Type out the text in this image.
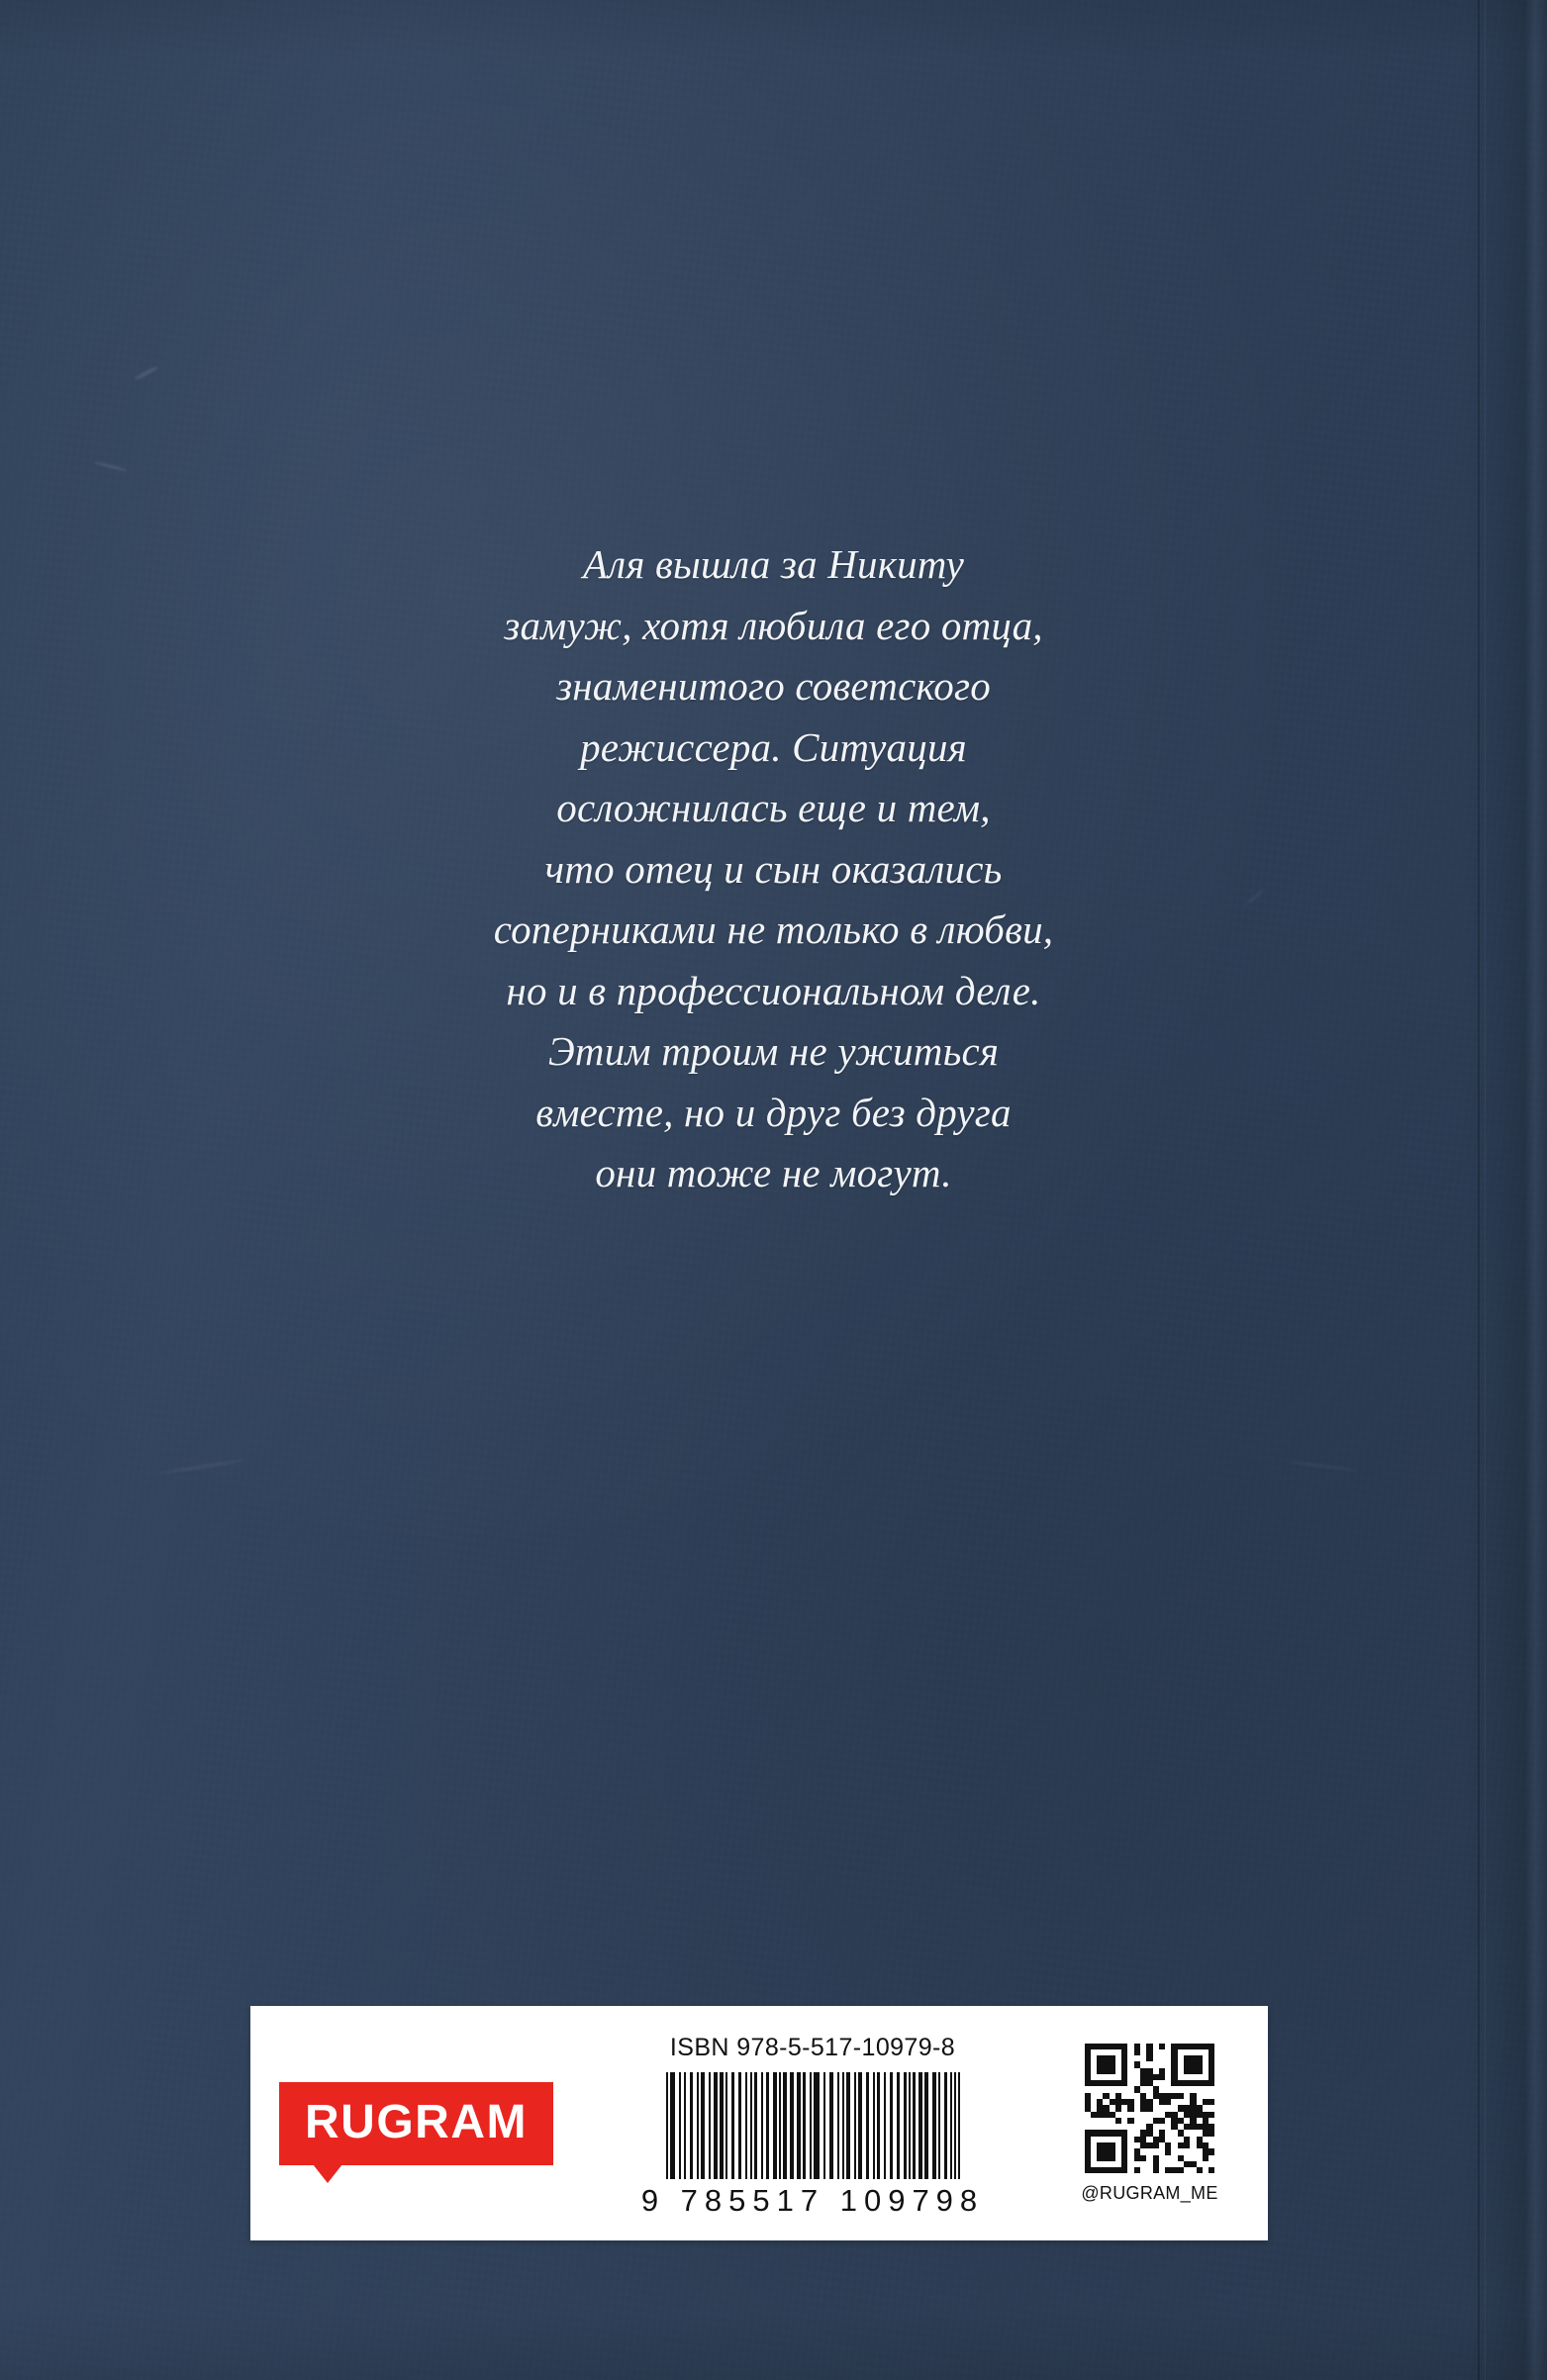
Аля вышла за Никиту
замуж, хотя любила его отца,
знаменитого советского
режиссера. Ситуация
осложнилась еще и тем,
что отец и сын оказались
соперниками не только в любви,
но и в профессиональном деле.
Этим троим не ужиться
вместе, но и друг без друга
они тоже не могут.
RUGRAM
ISBN 978-5-517-10979-8
9 785517 109798	@RUGRAM_ME
